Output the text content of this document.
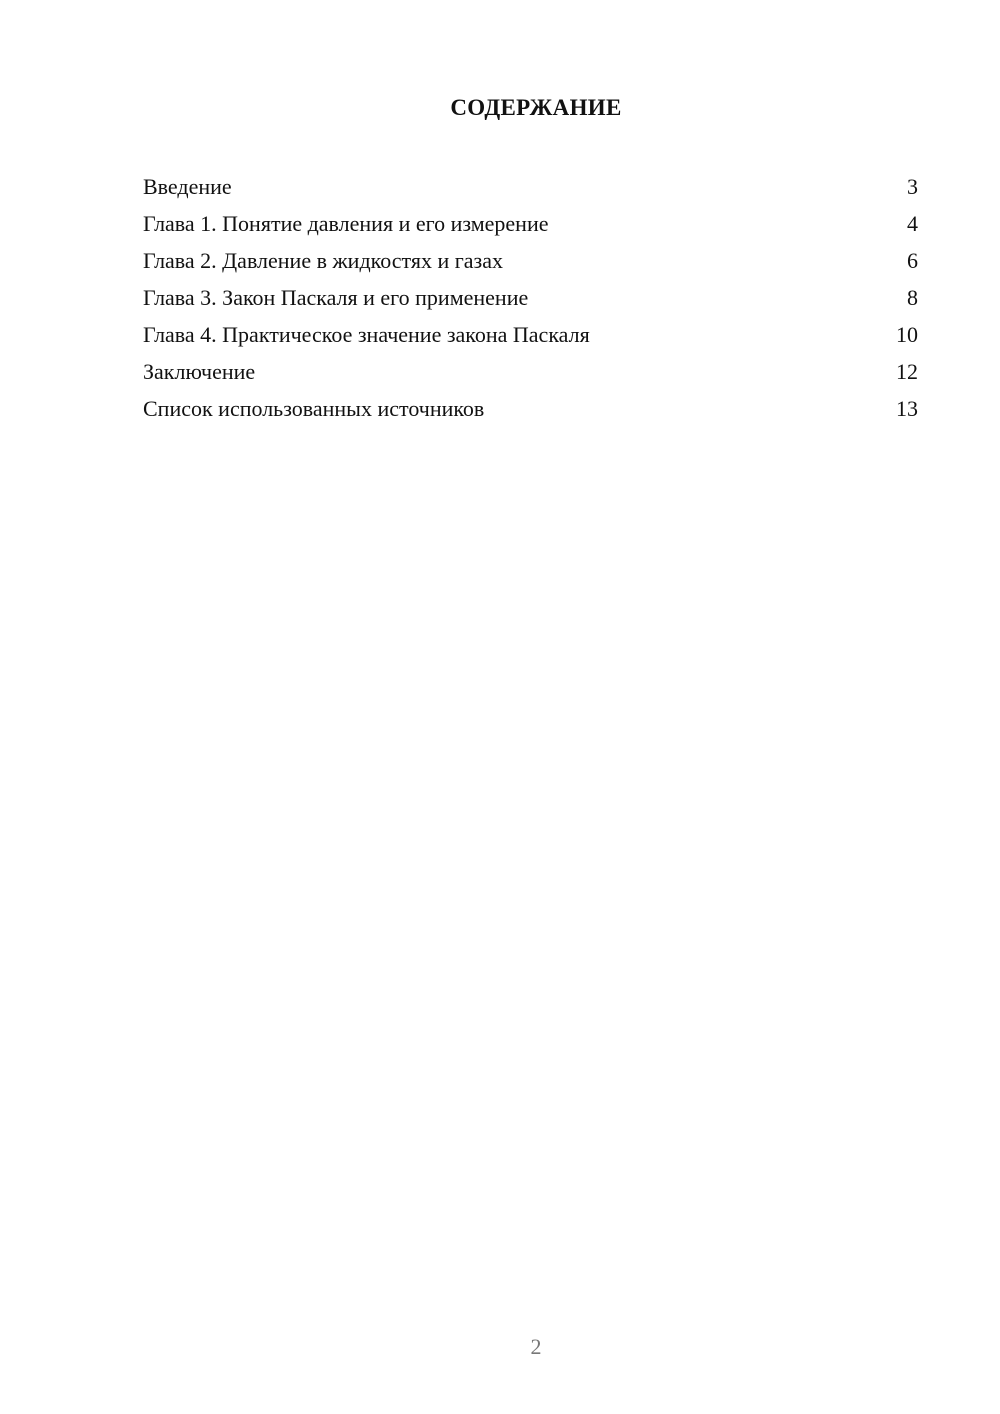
СОДЕРЖАНИЕ
Введение	3
Глава 1. Понятие давления и его измерение	4
Глава 2. Давление в жидкостях и газах	6
Глава 3. Закон Паскаля и его применение	8
Глава 4. Практическое значение закона Паскаля	10
Заключение	12
Список использованных источников	13
2
